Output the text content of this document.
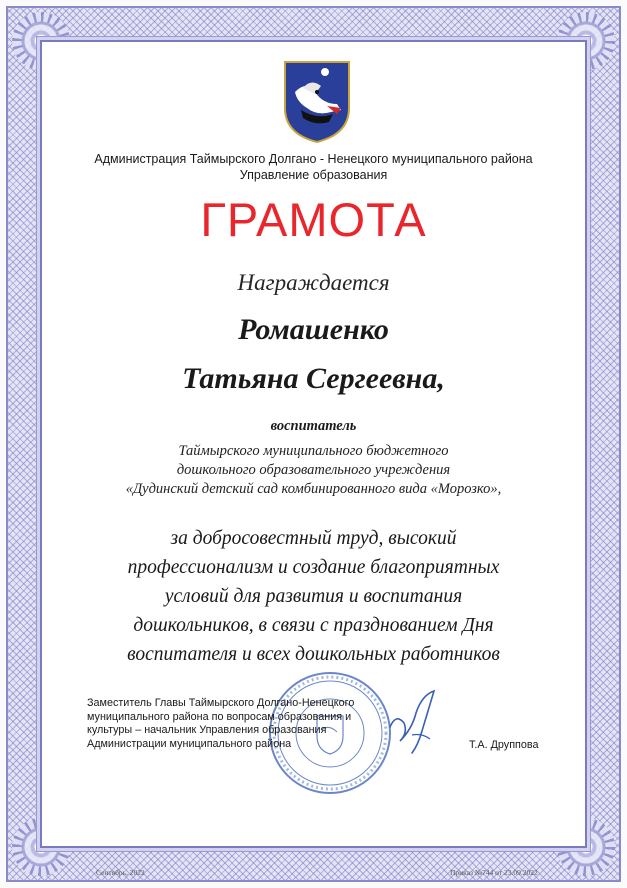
Администрация Таймырского Долгано - Ненецкого муниципального района
Управление образования
ГРАМОТА
Награждается
Ромашенко
Татьяна Сергеевна,
воспитатель
Таймырского муниципального бюджетного
дошкольного образовательного учреждения
«Дудинский детский сад комбинированного вида «Морозко»,
за добросовестный труд, высокий
профессионализм и создание благоприятных
условий для развития и воспитания
дошкольников, в связи с празднованием Дня
воспитателя и всех дошкольных работников
Заместитель Главы Таймырского Долгано-Ненецкого
муниципального района по вопросам образования и
культуры – начальник Управления образования
Администрации муниципального района	Т.А. Друппова
Сентябрь, 2022	Приказ №744 от 23.09.2022
